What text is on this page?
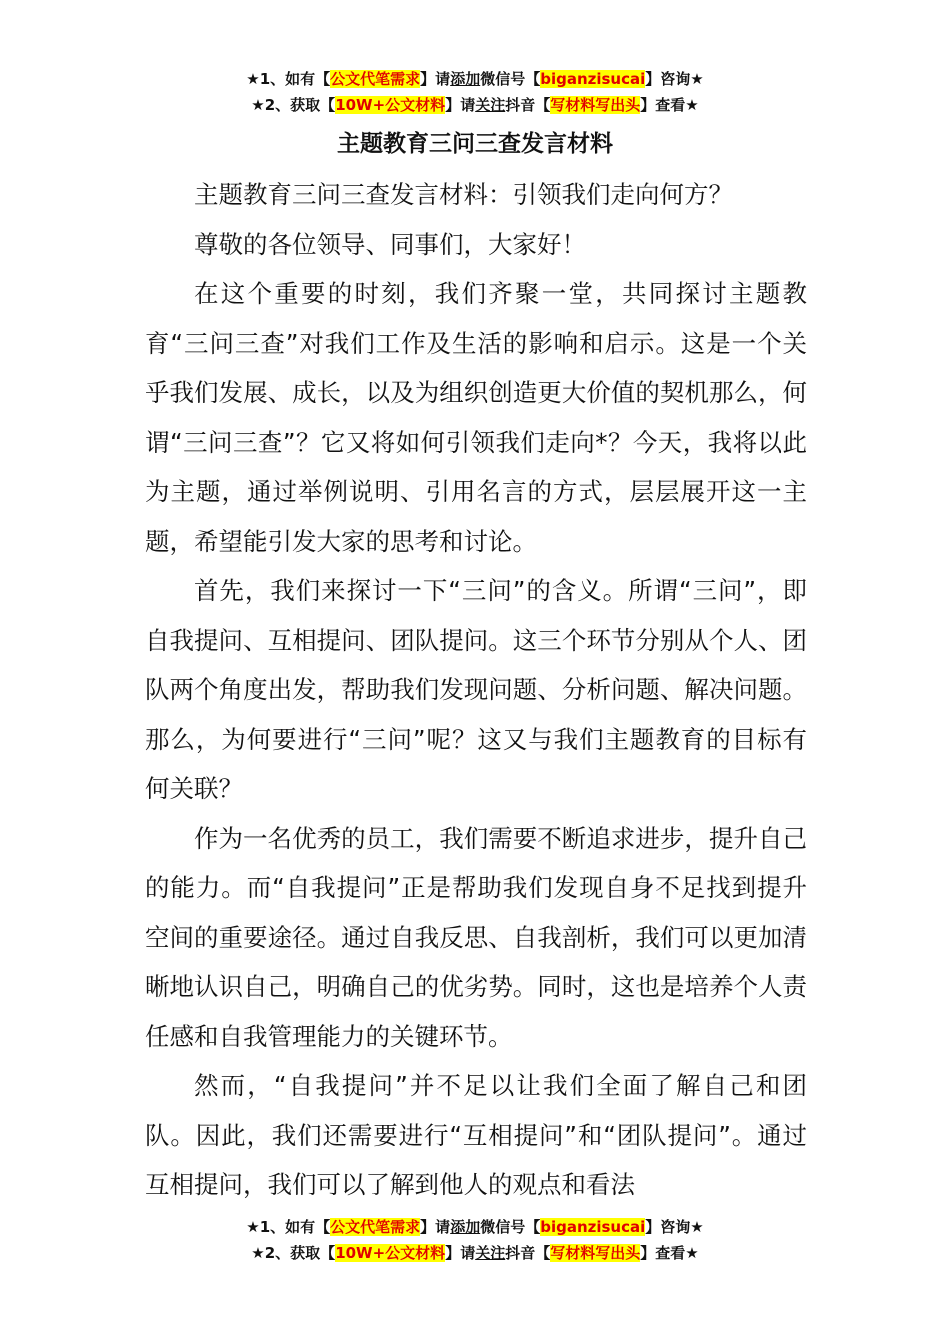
★1、如有【公文代笔需求】请添加微信号【biganzisucai】咨询★
★2、获取【10W+公文材料】请关注抖音【写材料写出头】查看★
主题教育三问三查发言材料

主题教育三问三查发言材料：引领我们走向何方？

尊敬的各位领导、同事们，大家好！

在这个重要的时刻，我们齐聚一堂，共同探讨主题教育“三问三查”对我们工作及生活的影响和启示。这是一个关乎我们发展、成长，以及为组织创造更大价值的契机那么，何谓“三问三查”？它又将如何引领我们走向*？今天，我将以此为主题，通过举例说明、引用名言的方式，层层展开这一主题，希望能引发大家的思考和讨论。

首先，我们来探讨一下“三问”的含义。所谓“三问”，即自我提问、互相提问、团队提问。这三个环节分别从个人、团队两个角度出发，帮助我们发现问题、分析问题、解决问题。那么，为何要进行“三问”呢？这又与我们主题教育的目标有何关联？

作为一名优秀的员工，我们需要不断追求进步，提升自己的能力。而“自我提问”正是帮助我们发现自身不足找到提升空间的重要途径。通过自我反思、自我剖析，我们可以更加清晰地认识自己，明确自己的优劣势。同时，这也是培养个人责任感和自我管理能力的关键环节。

然而，“自我提问”并不足以让我们全面了解自己和团队。因此，我们还需要进行“互相提问”和“团队提问”。通过互相提问，我们可以了解到他人的观点和看法

★1、如有【公文代笔需求】请添加微信号【biganzisucai】咨询★
★2、获取【10W+公文材料】请关注抖音【写材料写出头】查看★
